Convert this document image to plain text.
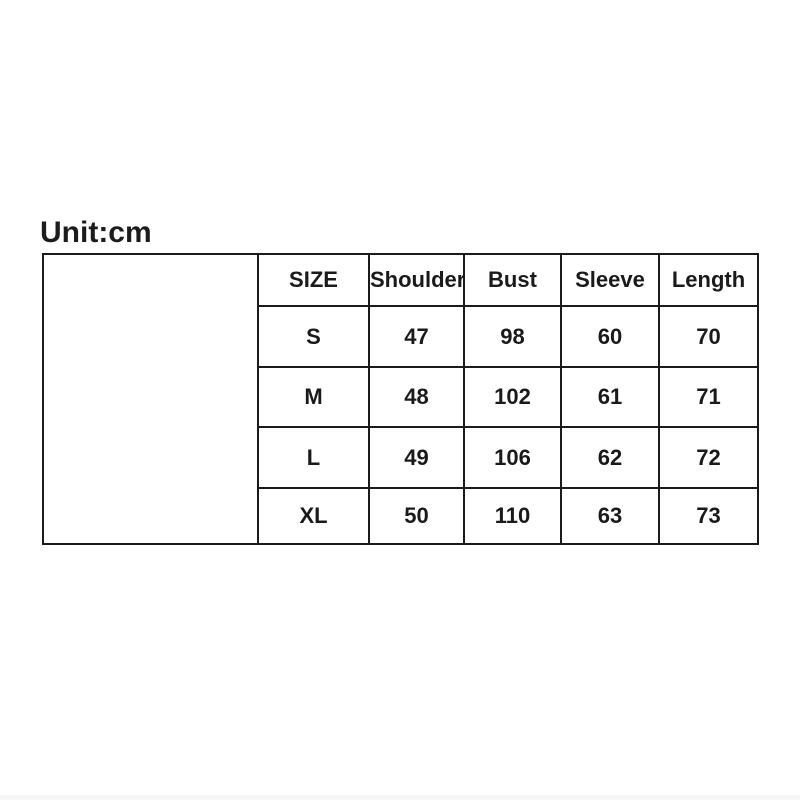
Unit:cm
	SIZE	Shoulder	Bust	Sleeve	Length
	S	47	98	60	70
	M	48	102	61	71
	L	49	106	62	72
	XL	50	110	63	73
